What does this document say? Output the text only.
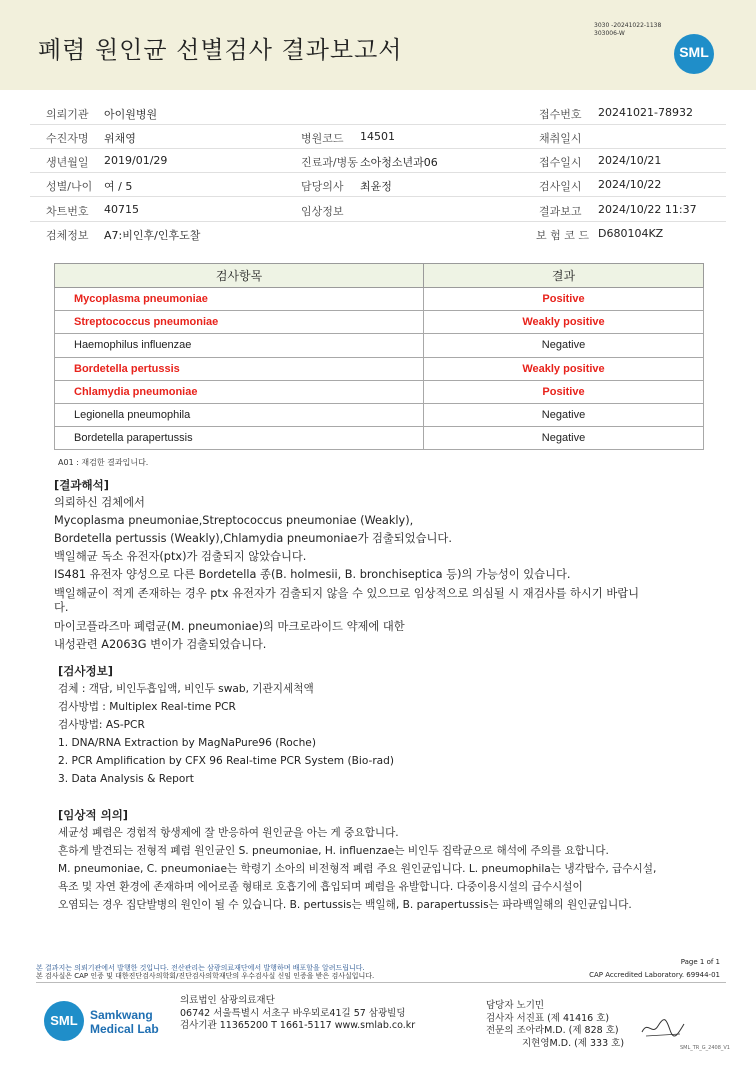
폐렴 원인균 선별검사 결과보고서
3030 -20241022-1138
303006-W
SML
의뢰기관 아이원병원	접수번호 20241021-78932
수진자명 위채영	병원코드 14501	채취일시
생년월일 2019/01/29	진료과/병동 소아청소년과06	접수일시 2024/10/21
성별/나이 여 / 5	담당의사 최윤정	검사일시 2024/10/22
차트번호 40715	임상정보	결과보고 2024/10/22 11:37
검체정보 A7:비인후/인후도찰	보 험 코 드 D680104KZ
검사항목	결과
Mycoplasma pneumoniae	Positive
Streptococcus pneumoniae	Weakly positive
Haemophilus influenzae	Negative
Bordetella pertussis	Weakly positive
Chlamydia pneumoniae	Positive
Legionella pneumophila	Negative
Bordetella parapertussis	Negative
A01 : 재검한 결과입니다.
[결과해석]
의뢰하신 검체에서
Mycoplasma pneumoniae,Streptococcus pneumoniae (Weakly),
Bordetella pertussis (Weakly),Chlamydia pneumoniae가 검출되었습니다.
백일해균 독소 유전자(ptx)가 검출되지 않았습니다.
IS481 유전자 양성으로 다른 Bordetella 종(B. holmesii, B. bronchiseptica 등)의 가능성이 있습니다.
백일해균이 적게 존재하는 경우 ptx 유전자가 검출되지 않을 수 있으므로 임상적으로 의심될 시 재검사를 하시기 바랍니
다.
마이코플라즈마 폐렴균(M. pneumoniae)의 마크로라이드 약제에 대한
내성관련 A2063G 변이가 검출되었습니다.
[검사정보]
검체 : 객담, 비인두흡입액, 비인두 swab, 기관지세척액
검사방법 : Multiplex Real-time PCR
검사방법: AS-PCR
1. DNA/RNA Extraction by MagNaPure96 (Roche)
2. PCR Amplification by CFX 96 Real-time PCR System (Bio-rad)
3. Data Analysis & Report
[임상적 의의]
세균성 폐렴은 경험적 항생제에 잘 반응하여 원인균을 아는 게 중요합니다.
흔하게 발견되는 전형적 폐렴 원인균인 S. pneumoniae, H. influenzae는 비인두 집락균으로 해석에 주의를 요합니다.
M. pneumoniae, C. pneumoniae는 학령기 소아의 비전형적 폐렴 주요 원인균입니다. L. pneumophila는 냉각탑수, 급수시설,
욕조 및 자연 환경에 존재하며 에어로졸 형태로 호흡기에 흡입되며 폐렴을 유발합니다. 다중이용시설의 급수시설이
오염되는 경우 집단발병의 원인이 될 수 있습니다. B. pertussis는 백일해, B. parapertussis는 파라백일해의 원인균입니다.
본 결과지는 의뢰기관에서 발행한 것입니다. 전산관리는 삼광의료재단에서 발행하며 배포할을 알려드립니다.
본 검사실은 CAP 인증 및 대한진단검사의학회/진단검사의학재단의 우수검사실 신임 인증을 받은 검사실입니다.
Page 1 of 1
CAP Accredited Laboratory. 69944-01
SML	Samkwang
Medical Lab
의료법인 삼광의료재단
06742 서울특별시 서초구 바우뫼로41길 57 삼광빌딩
검사기관 11365200 T 1661-5117 www.smlab.co.kr
담당자 노기민
검사자 서진표 (제 41416 호)
전문의 조아라M.D. (제 828 호)
지현영M.D. (제 333 호)	SML_TR_G_2408_V1
